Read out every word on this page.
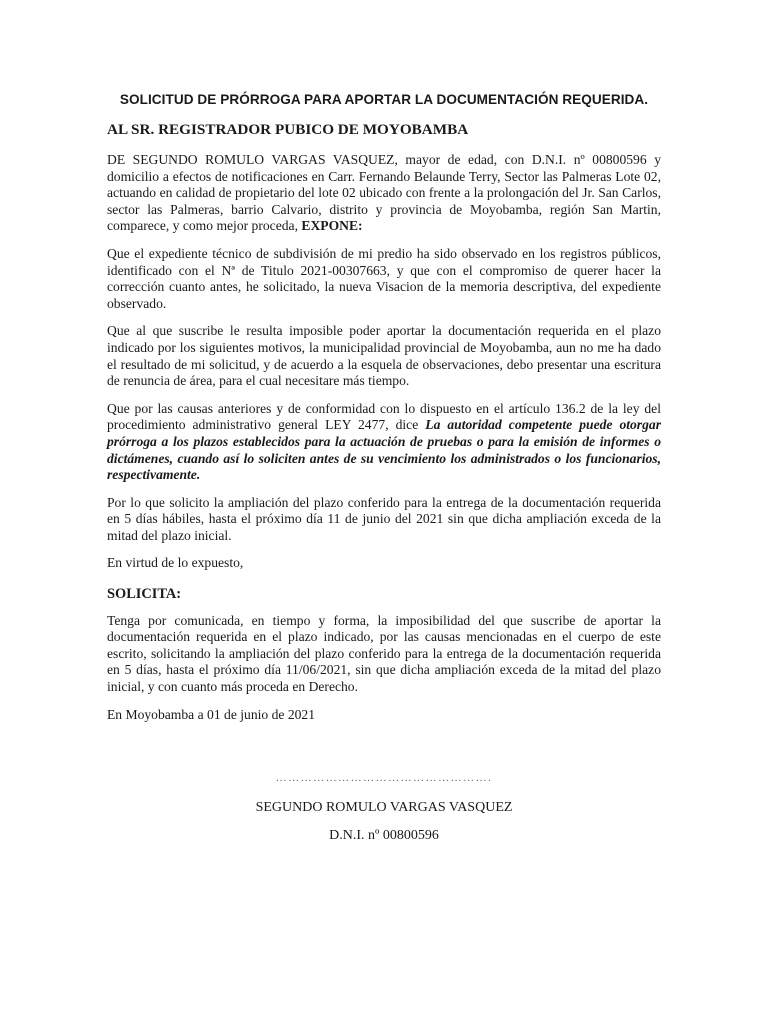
SOLICITUD DE PRÓRROGA PARA APORTAR LA DOCUMENTACIÓN REQUERIDA.
AL SR. REGISTRADOR PUBICO DE MOYOBAMBA

DE SEGUNDO ROMULO VARGAS VASQUEZ, mayor de edad, con D.N.I. nº 00800596 y domicilio a efectos de notificaciones en Carr. Fernando Belaunde Terry, Sector las Palmeras Lote 02, actuando en calidad de propietario del lote 02 ubicado con frente a la prolongación del Jr. San Carlos, sector las Palmeras, barrio Calvario, distrito y provincia de Moyobamba, región San Martin, comparece, y como mejor proceda, EXPONE:

Que el expediente técnico de subdivisión de mi predio ha sido observado en los registros públicos, identificado con el Nª de Titulo 2021-00307663, y que con el compromiso de querer hacer la corrección cuanto antes, he solicitado, la nueva Visacion de la memoria descriptiva, del expediente observado.

Que al que suscribe le resulta imposible poder aportar la documentación requerida en el plazo indicado por los siguientes motivos, la municipalidad provincial de Moyobamba, aun no me ha dado el resultado de mi solicitud, y de acuerdo a la esquela de observaciones, debo presentar una escritura de renuncia de área, para el cual necesitare más tiempo.

Que por las causas anteriores y de conformidad con lo dispuesto en el artículo 136.2 de la ley del procedimiento administrativo general LEY 2477, dice La autoridad competente puede otorgar prórroga a los plazos establecidos para la actuación de pruebas o para la emisión de informes o dictámenes, cuando así lo soliciten antes de su vencimiento los administrados o los funcionarios, respectivamente.

Por lo que solicito la ampliación del plazo conferido para la entrega de la documentación requerida en 5 días hábiles, hasta el próximo día 11 de junio del 2021 sin que dicha ampliación exceda de la mitad del plazo inicial.

En virtud de lo expuesto,

SOLICITA:

Tenga por comunicada, en tiempo y forma, la imposibilidad del que suscribe de aportar la documentación requerida en el plazo indicado, por las causas mencionadas en el cuerpo de este escrito, solicitando la ampliación del plazo conferido para la entrega de la documentación requerida en 5 días, hasta el próximo día 11/06/2021, sin que dicha ampliación exceda de la mitad del plazo inicial, y con cuanto más proceda en Derecho.

En Moyobamba a 01 de junio de 2021

…………………………………………….
SEGUNDO ROMULO VARGAS VASQUEZ
D.N.I. nº 00800596
